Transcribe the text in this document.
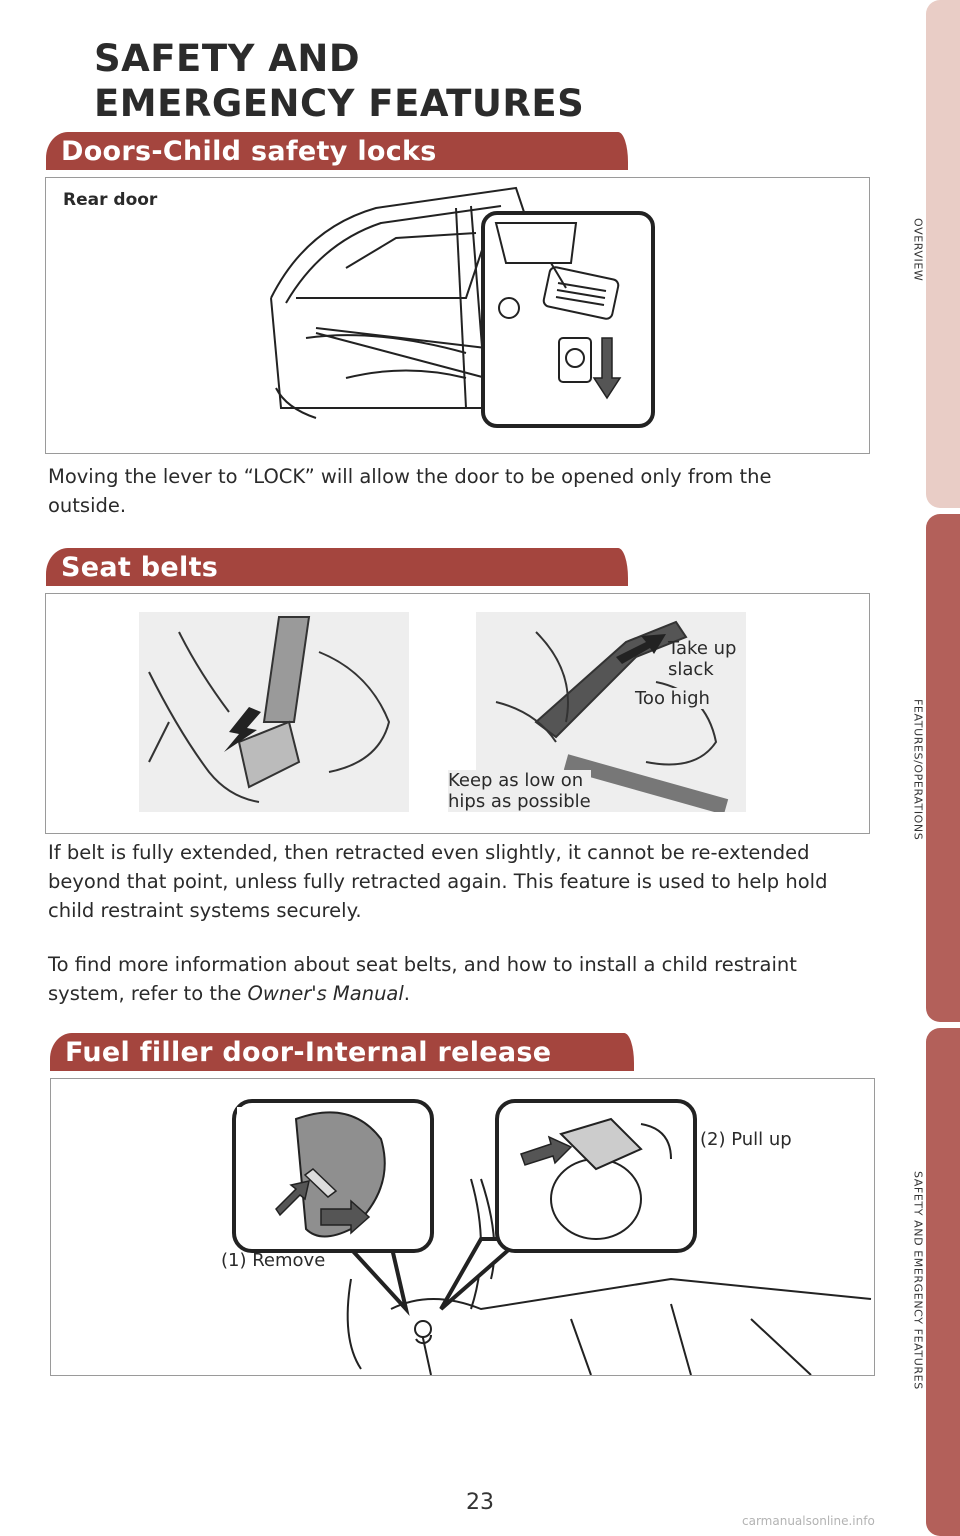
OVERVIEW
FEATURES/OPERATIONS
SAFETY AND EMERGENCY FEATURES
SAFETY AND
EMERGENCY FEATURES
Doors-Child safety locks
Rear door
Moving the lever to “LOCK” will allow the door to be opened only from the outside.
Seat belts
Take up
slack
Too high
Keep as low on
hips as possible
If belt is fully extended, then retracted even slightly, it cannot be re-extended beyond that point, unless fully retracted again. This feature is used to help hold child restraint systems securely.
To find more information about seat belts, and how to install a child restraint system, refer to the Owner's Manual.
Fuel filler door-Internal release
(1) Remove
(2) Pull up
23
carmanualsonline.info
